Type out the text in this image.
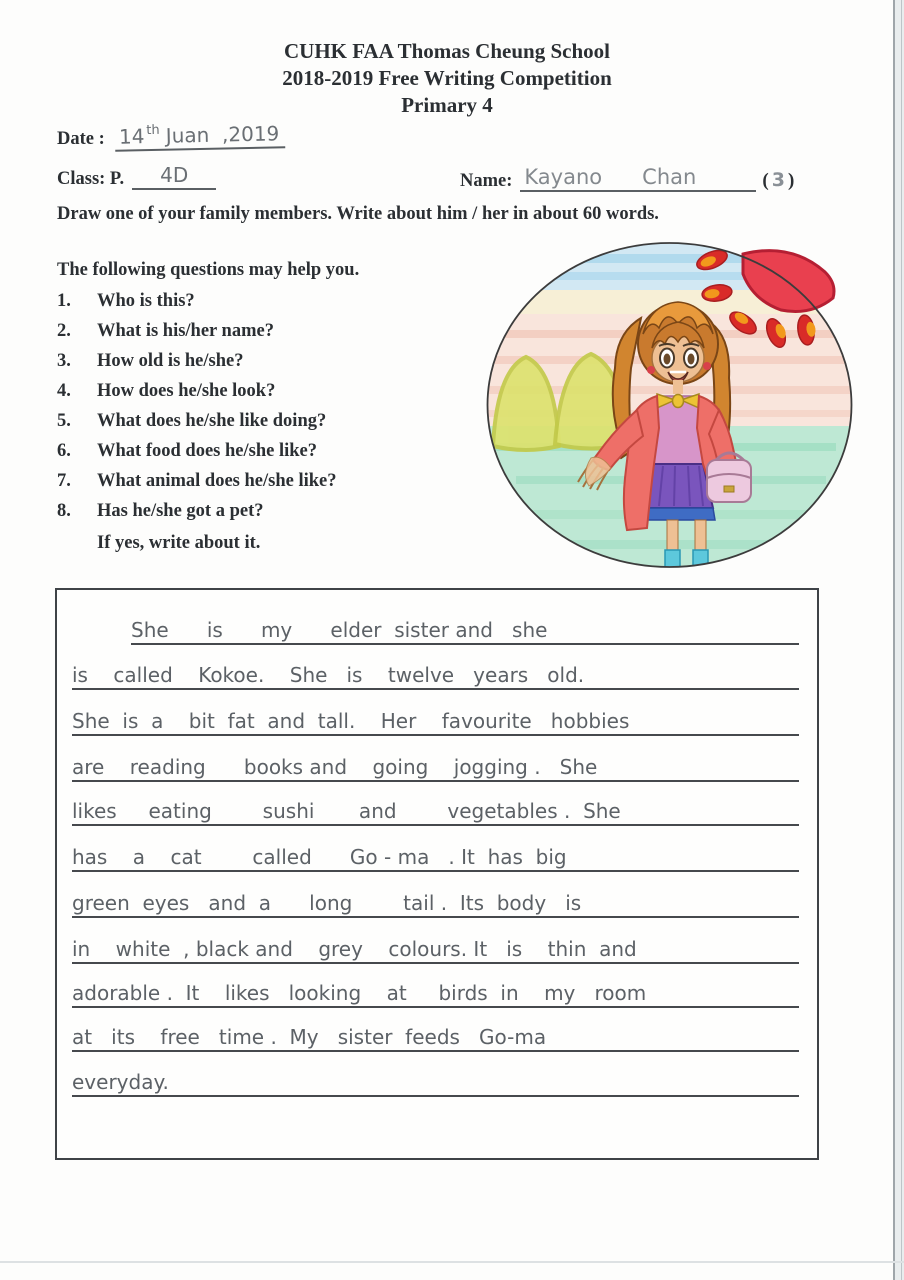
CUHK FAA Thomas Cheung School
2018-2019 Free Writing Competition
Primary 4
Date : 14th Juan ,2019
Class: P.	4D	Name: Kayano      Chan	(3)
Draw one of your family members. Write about him / her in about 60 words.
The following questions may help you.
1.	Who is this?
2.	What is his/her name?
3.	How old is he/she?
4.	How does he/she look?
5.	What does he/she like doing?
6.	What food does he/she like?
7.	What animal does he/she like?
8.	Has he/she got a pet?
If yes, write about it.
She      is      my      elder  sister and   she
is    called    Kokoe.    She   is    twelve   years   old.
She  is  a    bit  fat  and  tall.    Her    favourite   hobbies
are    reading      books and    going    jogging .   She
likes     eating        sushi       and        vegetables .  She
has    a    cat        called      Go - ma   . It  has  big
green  eyes   and  a      long        tail .  Its  body   is
in    white  , black and    grey    colours. It   is    thin  and
adorable .  It    likes   looking    at     birds  in    my   room
at   its    free   time .  My   sister  feeds   Go-ma
everyday.
